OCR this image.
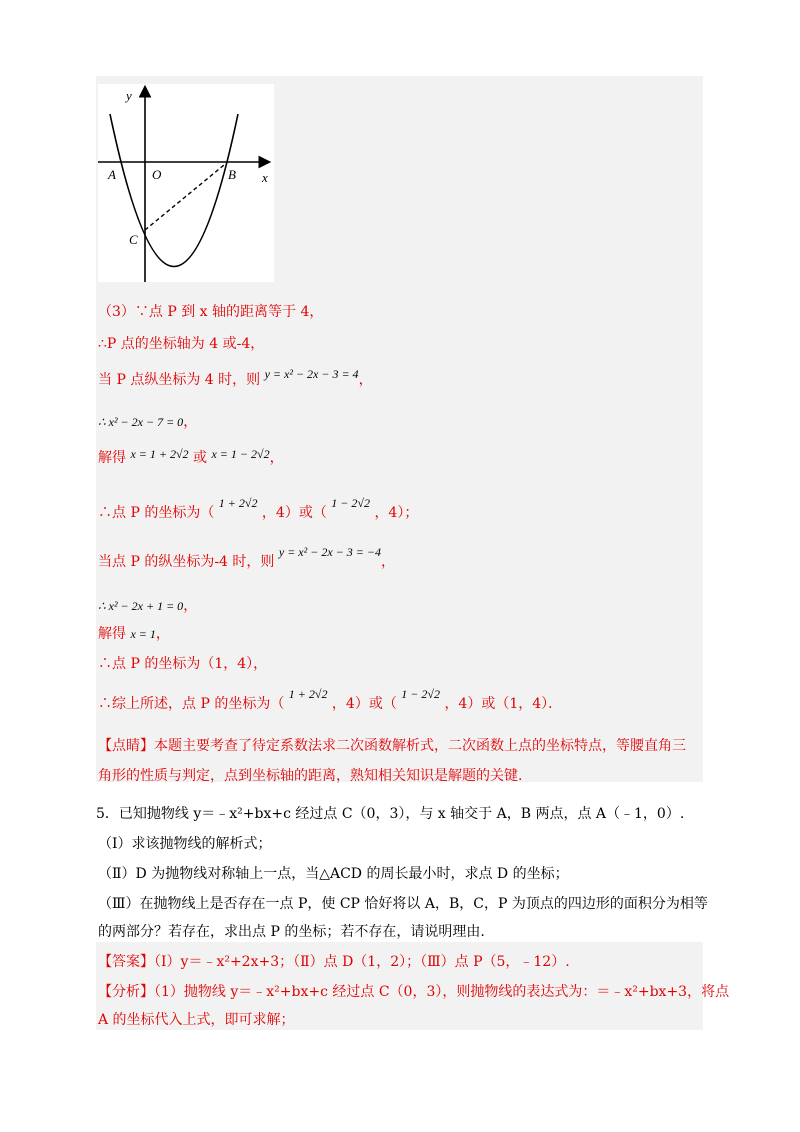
y
x
A	O	B
C
（3）∵点 P 到 x 轴的距离等于 4，
∴P 点的坐标轴为 4 或-4，
当 P 点纵坐标为 4 时，则 y = x² − 2x − 3 = 4，
∴ x² − 2x − 7 = 0，
解得 x = 1 + 2√2 或 x = 1 − 2√2，
∴点 P 的坐标为（ 1 + 2√2 ，4）或（ 1 − 2√2 ，4）；
当点 P 的纵坐标为-4 时，则 y = x² − 2x − 3 = −4，
∴ x² − 2x + 1 = 0，
解得 x = 1，
∴点 P 的坐标为（1，4），
∴综上所述，点 P 的坐标为（ 1 + 2√2 ，4）或（ 1 − 2√2 ，4）或（1，4）．
【点睛】本题主要考查了待定系数法求二次函数解析式，二次函数上点的坐标特点，等腰直角三
角形的性质与判定，点到坐标轴的距离，熟知相关知识是解题的关键.
5．已知抛物线 y＝﹣x²+bx+c 经过点 C（0，3），与 x 轴交于 A，B 两点，点 A（﹣1，0）.
（I）求该抛物线的解析式；
（Ⅱ）D 为抛物线对称轴上一点，当△ACD 的周长最小时，求点 D 的坐标；
（Ⅲ）在抛物线上是否存在一点 P，使 CP 恰好将以 A，B，C，P 为顶点的四边形的面积分为相等
的两部分？若存在，求出点 P 的坐标；若不存在，请说明理由.
【答案】（I）y＝﹣x²+2x+3；（Ⅱ）点 D（1，2）；（Ⅲ）点 P（5，﹣12）.
【分析】（1）抛物线 y＝﹣x²+bx+c 经过点 C（0，3），则抛物线的表达式为：＝﹣x²+bx+3，将点
A 的坐标代入上式，即可求解；
